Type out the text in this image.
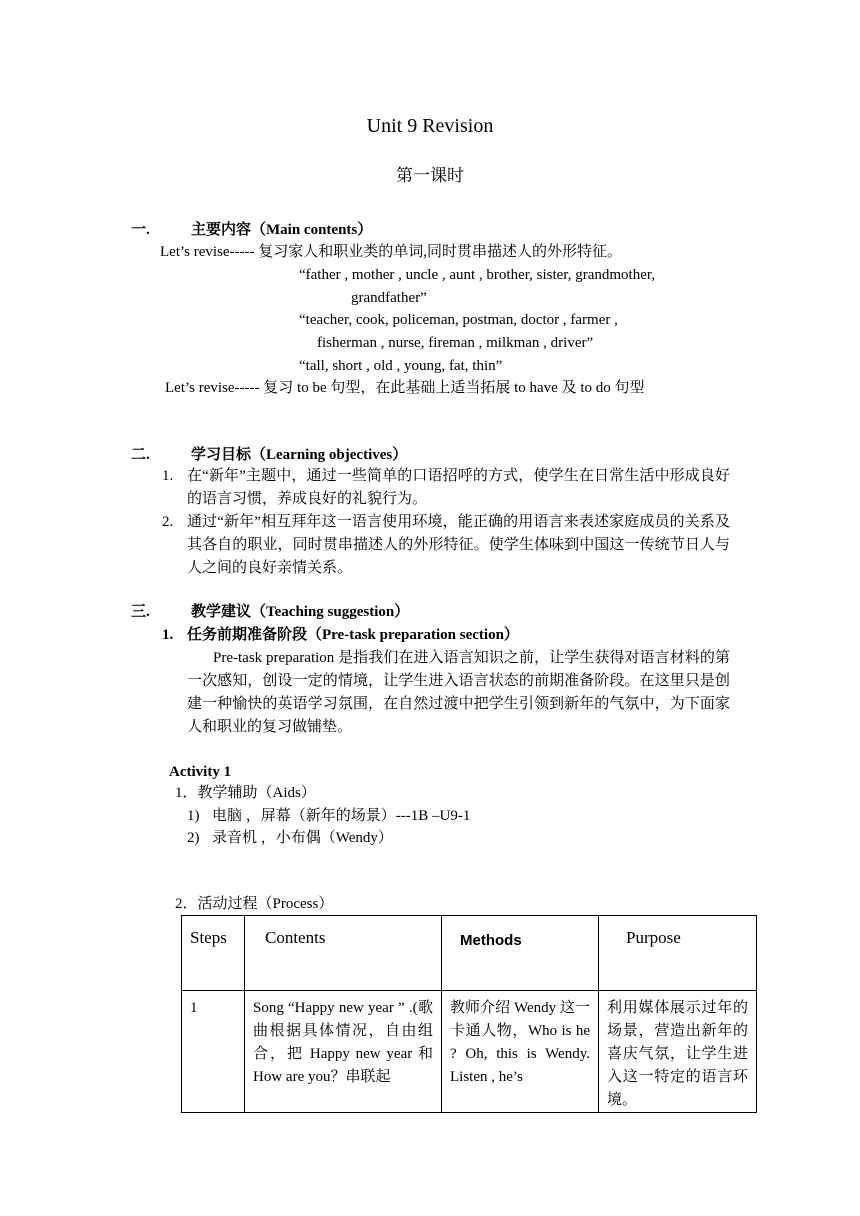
Unit 9 Revision
第一课时
一.	主要内容（Main contents）
Let’s revise----- 复习家人和职业类的单词,同时贯串描述人的外形特征。
“father , mother , uncle , aunt , brother, sister, grandmother,
grandfather”
“teacher, cook, policeman, postman, doctor , farmer ,
fisherman , nurse, fireman , milkman , driver”
“tall, short , old , young, fat, thin”
Let’s revise----- 复习 to be 句型，在此基础上适当拓展 to have 及 to do 句型
二.	学习目标（Learning objectives）
1. 在“新年”主题中，通过一些简单的口语招呼的方式，使学生在日常生活中形成良好的语言习惯，养成良好的礼貌行为。
2. 通过“新年”相互拜年这一语言使用环境，能正确的用语言来表述家庭成员的关系及其各自的职业，同时贯串描述人的外形特征。使学生体味到中国这一传统节日人与人之间的良好亲情关系。
三.	教学建议（Teaching suggestion）
1. 任务前期准备阶段（Pre-task preparation section）
Pre-task preparation 是指我们在进入语言知识之前，让学生获得对语言材料的第一次感知，创设一定的情境，让学生进入语言状态的前期准备阶段。在这里只是创建一种愉快的英语学习氛围，在自然过渡中把学生引领到新年的气氛中，为下面家人和职业的复习做铺垫。
Activity 1
1．教学辅助（Aids）
1) 电脑 ，屏幕（新年的场景）---1B –U9-1
2) 录音机 ，小布偶（Wendy）
2．活动过程（Process）
Steps	Contents	Methods	Purpose
1	Song “Happy new year ” .(歌曲根据具体情况，自由组合，把 Happy new year 和 How are you？串联起	教师介绍 Wendy 这一卡通人物，Who is he ? Oh, this is Wendy. Listen , he’s	利用媒体展示过年的场景，营造出新年的喜庆气氛，让学生进入这一特定的语言环境。
